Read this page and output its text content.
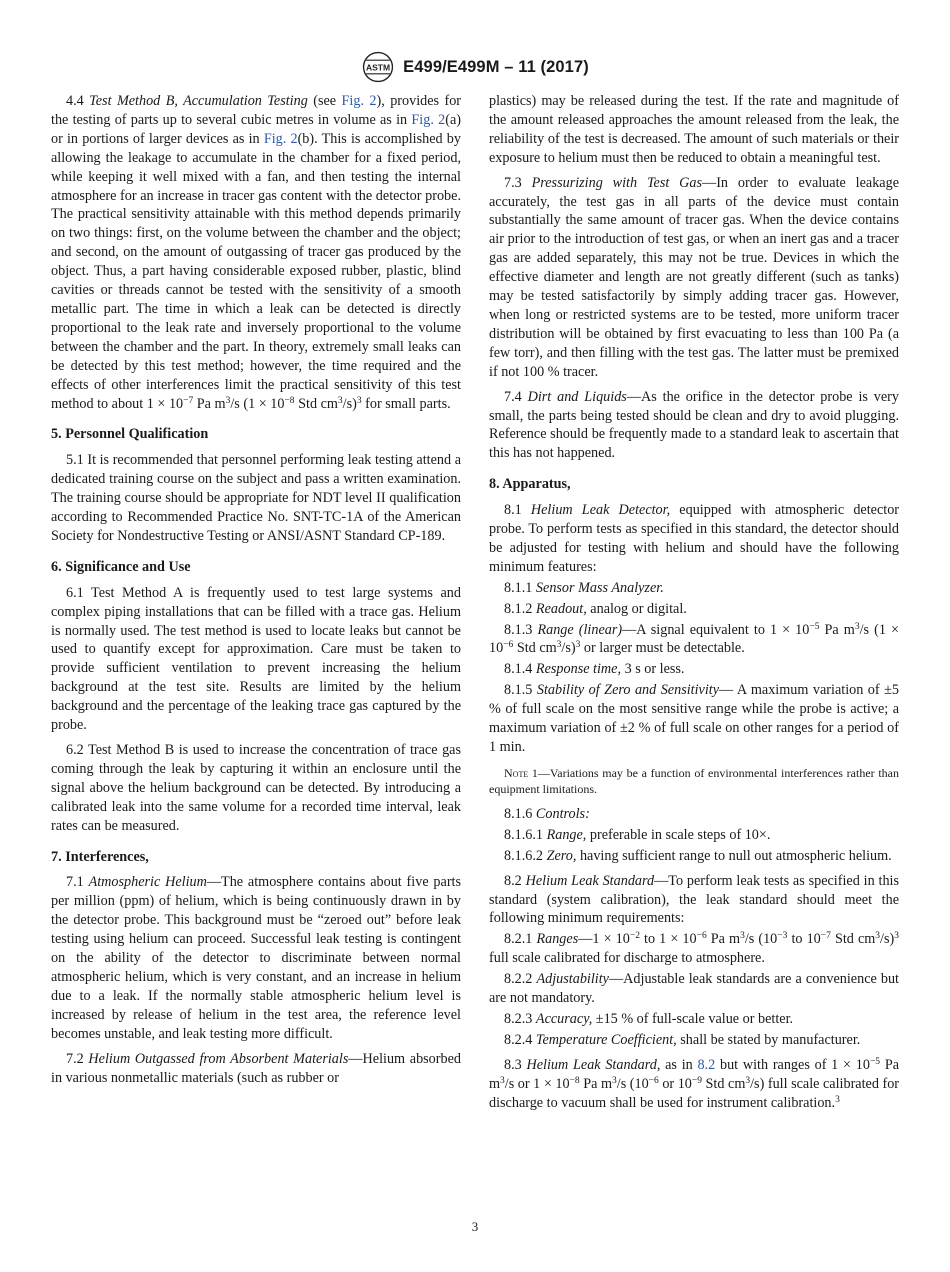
ASTM E499/E499M – 11 (2017)

4.4 Test Method B, Accumulation Testing (see Fig. 2), provides for the testing of parts up to several cubic metres in volume as in Fig. 2(a) or in portions of larger devices as in Fig. 2(b). This is accomplished by allowing the leakage to accumulate in the chamber for a fixed period, while keeping it well mixed with a fan, and then testing the internal atmosphere for an increase in tracer gas content with the detector probe. The practical sensitivity attainable with this method depends primarily on two things: first, on the volume between the chamber and the object; and second, on the amount of outgassing of tracer gas produced by the object. Thus, a part having considerable exposed rubber, plastic, blind cavities or threads cannot be tested with the sensitivity of a smooth metallic part. The time in which a leak can be detected is directly proportional to the leak rate and inversely proportional to the volume between the chamber and the part. In theory, extremely small leaks can be detected by this test method; however, the time required and the effects of other interferences limit the practical sensitivity of this test method to about $1 \times 10^{-7}$ Pa $m^3/s$ ($1 \times 10^{-8}$ Std $cm^3/s)^3$ for small parts.

5. Personnel Qualification

5.1 It is recommended that personnel performing leak testing attend a dedicated training course on the subject and pass a written examination. The training course should be appropriate for NDT level II qualification according to Recommended Practice No. SNT-TC-1A of the American Society for Nondestructive Testing or ANSI/ASNT Standard CP-189.

6. Significance and Use

6.1 Test Method A is frequently used to test large systems and complex piping installations that can be filled with a trace gas. Helium is normally used. The test method is used to locate leaks but cannot be used to quantify except for approximation. Care must be taken to provide sufficient ventilation to prevent increasing the helium background at the test site. Results are limited by the helium background and the percentage of the leaking trace gas captured by the probe.

6.2 Test Method B is used to increase the concentration of trace gas coming through the leak by capturing it within an enclosure until the signal above the helium background can be detected. By introducing a calibrated leak into the same volume for a recorded time interval, leak rates can be measured.

7. Interferences,

7.1 Atmospheric Helium—The atmosphere contains about five parts per million (ppm) of helium, which is being continuously drawn in by the detector probe. This background must be “zeroed out” before leak testing using helium can proceed. Successful leak testing is contingent on the ability of the detector to discriminate between normal atmospheric helium, which is very constant, and an increase in helium due to a leak. If the normally stable atmospheric helium level is increased by release of helium in the test area, the reference level becomes unstable, and leak testing more difficult.

7.2 Helium Outgassed from Absorbent Materials—Helium absorbed in various nonmetallic materials (such as rubber or

plastics) may be released during the test. If the rate and magnitude of the amount released approaches the amount released from the leak, the reliability of the test is decreased. The amount of such materials or their exposure to helium must then be reduced to obtain a meaningful test.

7.3 Pressurizing with Test Gas—In order to evaluate leakage accurately, the test gas in all parts of the device must contain substantially the same amount of tracer gas. When the device contains air prior to the introduction of test gas, or when an inert gas and a tracer gas are added separately, this may not be true. Devices in which the effective diameter and length are not greatly different (such as tanks) may be tested satisfactorily by simply adding tracer gas. However, when long or restricted systems are to be tested, more uniform tracer distribution will be obtained by first evacuating to less than 100 Pa (a few torr), and then filling with the test gas. The latter must be premixed if not 100 % tracer.

7.4 Dirt and Liquids—As the orifice in the detector probe is very small, the parts being tested should be clean and dry to avoid plugging. Reference should be frequently made to a standard leak to ascertain that this has not happened.

8. Apparatus,

8.1 Helium Leak Detector, equipped with atmospheric detector probe. To perform tests as specified in this standard, the detector should be adjusted for testing with helium and should have the following minimum features:

8.1.1 Sensor Mass Analyzer.

8.1.2 Readout, analog or digital.

8.1.3 Range (linear)—A signal equivalent to $1 \times 10^{-5}$ Pa $m^3/s$ ($1 \times 10^{-6}$ Std $cm^3/s)^3$ or larger must be detectable.

8.1.4 Response time, 3 s or less.

8.1.5 Stability of Zero and Sensitivity— A maximum variation of ±5 % of full scale on the most sensitive range while the probe is active; a maximum variation of ±2 % of full scale on other ranges for a period of 1 min.

Note 1—Variations may be a function of environmental interferences rather than equipment limitations.

8.1.6 Controls:

8.1.6.1 Range, preferable in scale steps of 10×.

8.1.6.2 Zero, having sufficient range to null out atmospheric helium.

8.2 Helium Leak Standard—To perform leak tests as specified in this standard (system calibration), the leak standard should meet the following minimum requirements:

8.2.1 Ranges—1 × $10^{-2}$ to $1 \times 10^{-6}$ Pa $m^3/s$ ($10^{-3}$ to $10^{-7}$ Std $cm^3/s)^3$ full scale calibrated for discharge to atmosphere.

8.2.2 Adjustability—Adjustable leak standards are a convenience but are not mandatory.

8.2.3 Accuracy, ±15 % of full-scale value or better.

8.2.4 Temperature Coefficient, shall be stated by manufacturer.

8.3 Helium Leak Standard, as in 8.2 but with ranges of $1 \times 10^{-5}$ Pa $m^3/s$ or $1 \times 10^{-8}$ Pa $m^3/s$ ($10^{-6}$ or $10^{-9}$ Std $cm^3/s$) full scale calibrated for discharge to vacuum shall be used for instrument calibration.$^3$

3
